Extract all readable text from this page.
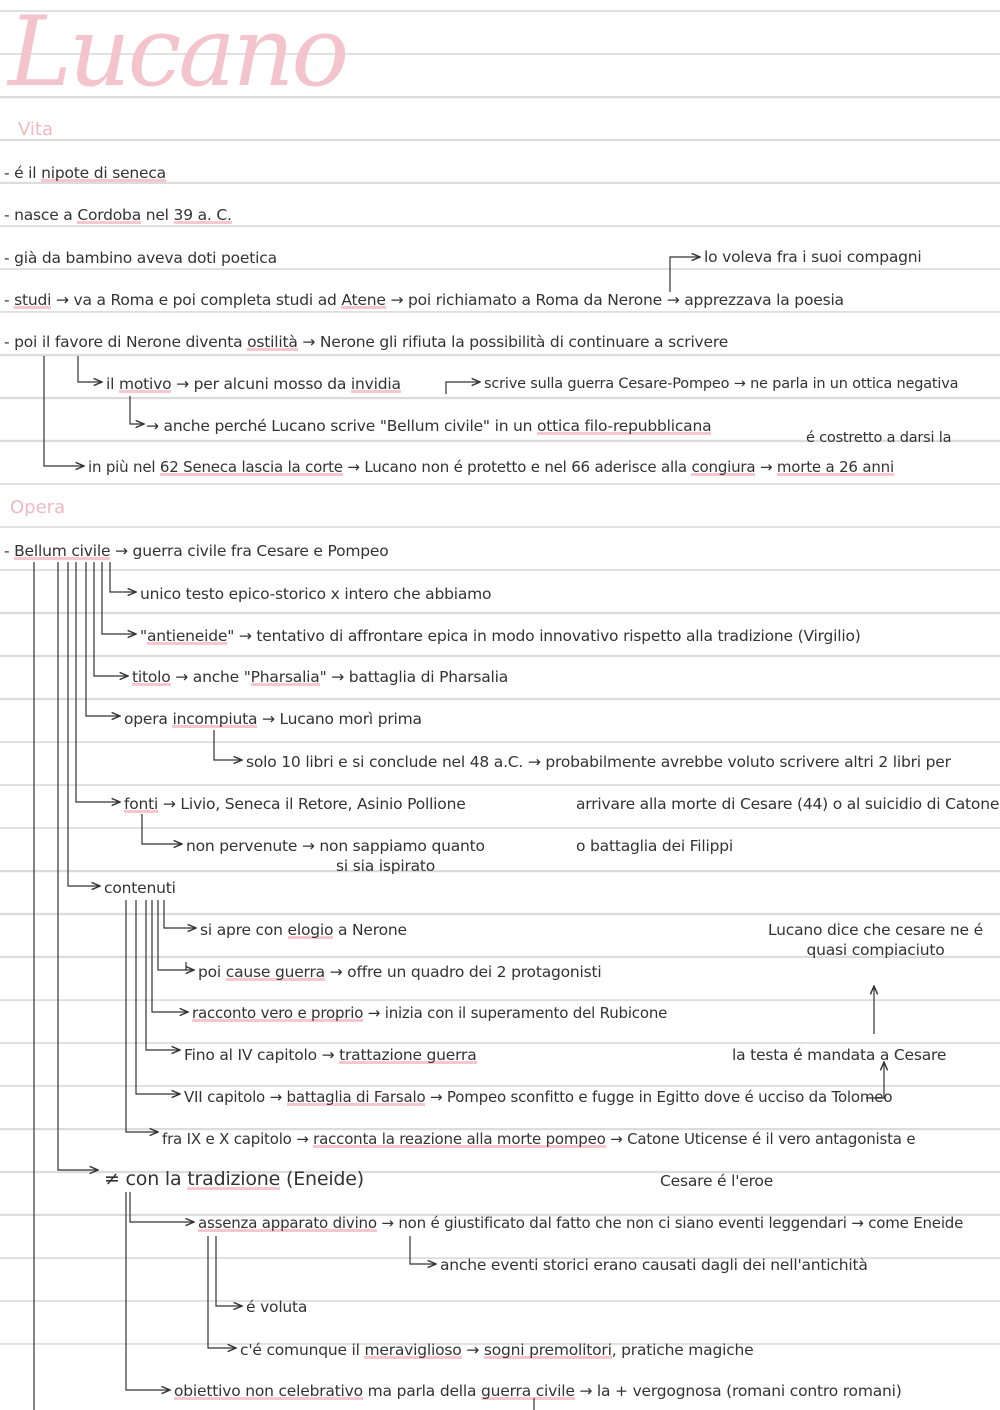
Lucano
Vita
Opera
- é il nipote di seneca
- nasce a Cordoba nel 39 a. C.
- già da bambino aveva doti poetica	lo voleva fra i suoi compagni
- studi → va a Roma e poi completa studi ad Atene → poi richiamato a Roma da Nerone → apprezzava la poesia
- poi il favore di Nerone diventa ostilità → Nerone gli rifiuta la possibilità di continuare a scrivere
il motivo → per alcuni mosso da invidia	scrive sulla guerra Cesare-Pompeo → ne parla in un ottica negativa
→ anche perché Lucano scrive "Bellum civile" in un ottica filo-repubblicana
é costretto a darsi la
in più nel 62 Seneca lascia la corte → Lucano non é protetto e nel 66 aderisce alla congiura → morte a 26 anni
- Bellum civile → guerra civile fra Cesare e Pompeo
unico testo epico-storico x intero che abbiamo
"antieneide" → tentativo di affrontare epica in modo innovativo rispetto alla tradizione (Virgilio)
titolo → anche "Pharsalia" → battaglia di Pharsalia
opera incompiuta → Lucano morì prima
solo 10 libri e si conclude nel 48 a.C. → probabilmente avrebbe voluto scrivere altri 2 libri per
fonti → Livio, Seneca il Retore, Asinio Pollione	arrivare alla morte di Cesare (44) o al suicidio di Catone
non pervenute → non sappiamo quanto
si sia ispirato
o battaglia dei Filippi
contenuti
si apre con elogio a Nerone	Lucano dice che cesare ne é
quasi compiaciuto
poi cause guerra → offre un quadro dei 2 protagonisti
racconto vero e proprio → inizia con il superamento del Rubicone
Fino al IV capitolo → trattazione guerra	la testa é mandata a Cesare
VII capitolo → battaglia di Farsalo → Pompeo sconfitto e fugge in Egitto dove é ucciso da Tolomeo
fra IX e X capitolo → racconta la reazione alla morte pompeo → Catone Uticense é il vero antagonista e
Cesare é l'eroe
≠ con la tradizione (Eneide)
assenza apparato divino → non é giustificato dal fatto che non ci siano eventi leggendari → come Eneide
anche eventi storici erano causati dagli dei nell'antichità
é voluta
c'é comunque il meraviglioso → sogni premolitori, pratiche magiche
obiettivo non celebrativo ma parla della guerra civile → la + vergognosa (romani contro romani)
